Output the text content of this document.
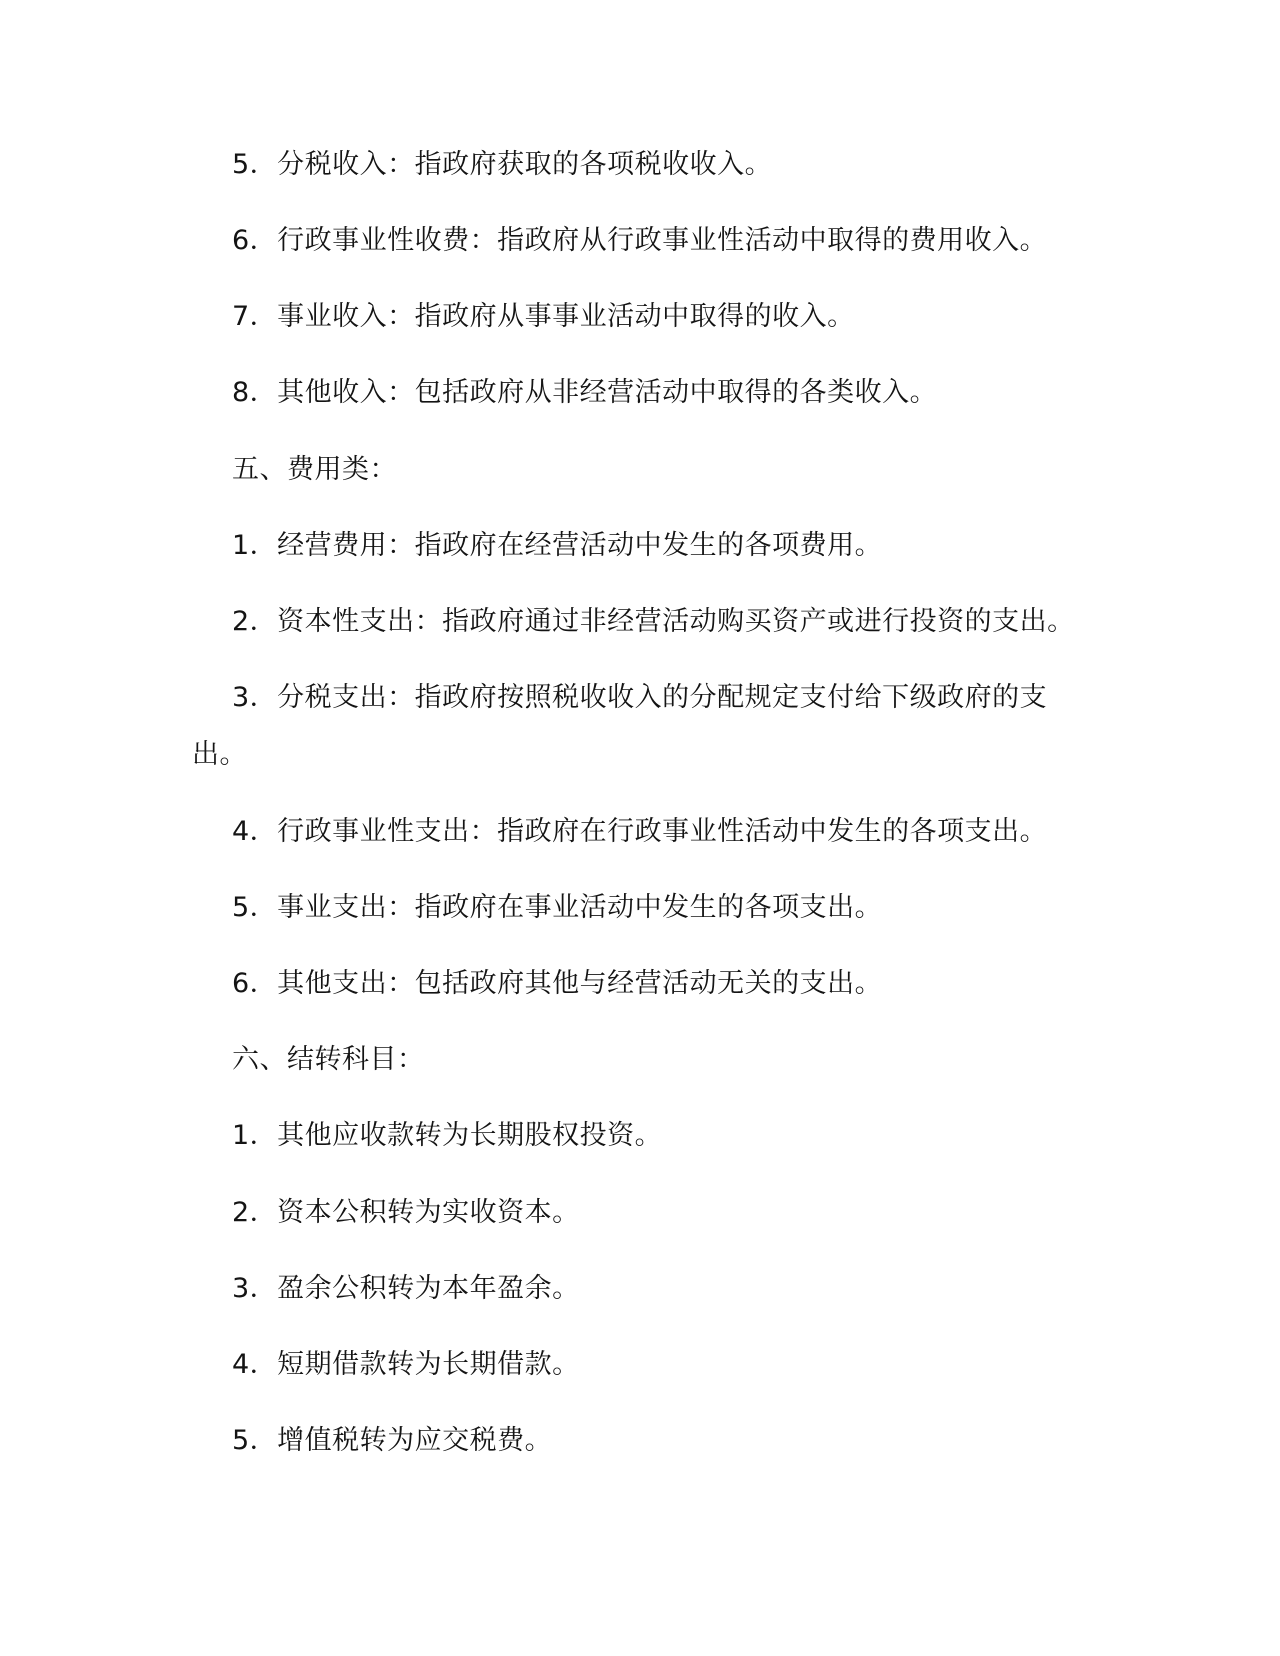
5．分税收入：指政府获取的各项税收收入。
6．行政事业性收费：指政府从行政事业性活动中取得的费用收入。
7．事业收入：指政府从事事业活动中取得的收入。
8．其他收入：包括政府从非经营活动中取得的各类收入。
五、费用类：
1．经营费用：指政府在经营活动中发生的各项费用。
2．资本性支出：指政府通过非经营活动购买资产或进行投资的支出。
3．分税支出：指政府按照税收收入的分配规定支付给下级政府的支
出。
4．行政事业性支出：指政府在行政事业性活动中发生的各项支出。
5．事业支出：指政府在事业活动中发生的各项支出。
6．其他支出：包括政府其他与经营活动无关的支出。
六、结转科目：
1．其他应收款转为长期股权投资。
2．资本公积转为实收资本。
3．盈余公积转为本年盈余。
4．短期借款转为长期借款。
5．增值税转为应交税费。
